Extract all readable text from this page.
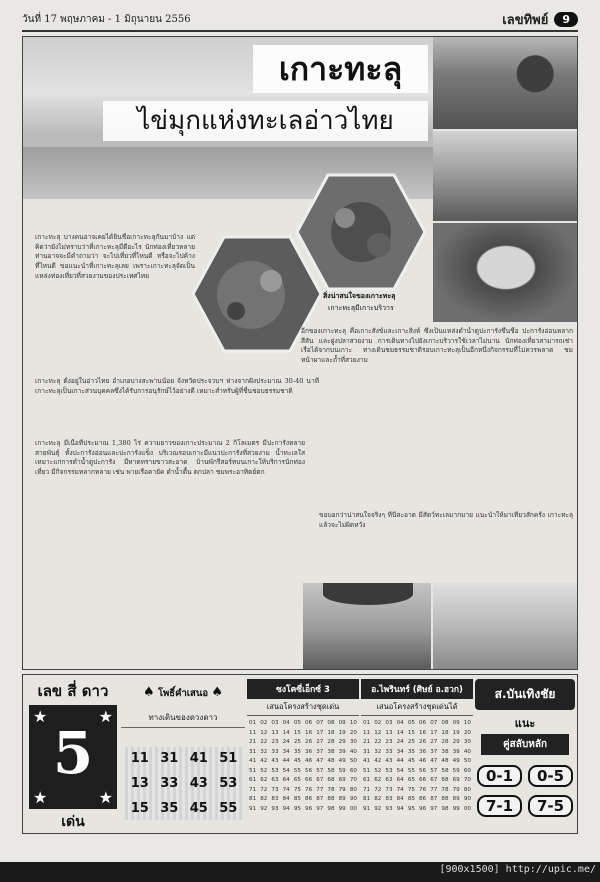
วันที่ 17 พฤษภาคม - 1 มิถุนายน 2556	เลขทิพย์	9
เกาะทะลุ
ไข่มุกแห่งทะเลอ่าวไทย
สิ่งน่าสนใจของเกาะทะลุ
เกาะทะลุมีเกาะบริวาร
เกาะทะลุ บางคนอาจเคยได้ยินชื่อเกาะทะลุกันมาบ้าง แต่คิดว่ายังไม่ทราบว่าที่เกาะทะลุมีดีอะไร นักท่องเที่ยวหลายท่านอาจจะมีคำถามว่า จะไปเที่ยวที่ไหนดี หรือจะไปค้างที่ไหนดี ขอแนะนำที่เกาะทะลุเลย เพราะเกาะทะลุจัดเป็นแหล่งท่องเที่ยวที่สวยงามของประเทศไทย
เกาะทะลุ ตั้งอยู่ในอ่าวไทย อำเภอบางสะพานน้อย จังหวัดประจวบฯ ห่างจากฝั่งประมาณ 30-40 นาที เกาะทะลุเป็นเกาะส่วนบุคคลซึ่งได้รับการอนุรักษ์ไว้อย่างดี เหมาะสำหรับผู้ที่ชื่นชอบธรรมชาติ
เกาะทะลุ มีเนื้อที่ประมาณ 1,380 ไร่ ความยาวของเกาะประมาณ 2 กิโลเมตร มีปะการังหลายสายพันธุ์ ทั้งปะการังอ่อนและปะการังแข็ง บริเวณรอบเกาะมีแนวปะการังที่สวยงาม น้ำทะเลใส เหมาะแก่การดำน้ำดูปะการัง มีหาดทรายขาวสะอาด บ้านพักรีสอร์ทบนเกาะให้บริการนักท่องเที่ยว มีกิจกรรมหลากหลาย เช่น พายเรือคายัค ดำน้ำตื้น ตกปลา ชมพระอาทิตย์ตก
อีกของเกาะทะลุ คือเกาะสังข์และเกาะสิงห์ ซึ่งเป็นแหล่งดำน้ำดูปะการังขึ้นชื่อ ปะการังอ่อนหลากสีสัน และฝูงปลาสวยงาม การเดินทางไปยังเกาะบริวารใช้เวลาไม่นาน นักท่องเที่ยวสามารถเช่าเรือได้จากบนเกาะ ทางเดินชมธรรมชาติรอบเกาะทะลุเป็นอีกหนึ่งกิจกรรมที่ไม่ควรพลาด ชมหน้าผาและถ้ำที่สวยงาม
ขอบอกว่าน่าสนใจจริงๆ ที่นี่สะอาด มีสัตว์ทะเลมากมาย แนะนำให้มาเที่ยวสักครั้ง เกาะทะลุ แล้วจะไม่ผิดหวัง
เลข สี่ ดาว
★	★
★	★
5
เด่น
♠ โพธิ์คำเสนอ ♠
ทางเดินของดวงดาว
11 31 41 51
13 33 43 53
15 35 45 55
ซงโคซี่เอ็กซ์ 3
เสนอโครงสร้างชุดเด่น
01 02 03 04 05 06 07 08 09 10
11 12 13 14 15 16 17 18 19 20
21 22 23 24 25 26 27 28 29 30
31 32 33 34 35 36 37 38 39 40
41 42 43 44 45 46 47 48 49 50
51 52 53 54 55 56 57 58 59 60
61 62 63 64 65 66 67 68 69 70
71 72 73 74 75 76 77 78 79 80
81 82 83 84 85 86 87 88 89 90
91 92 93 94 95 96 97 98 99 00
อ.ไพรินทร์ (ศิษย์ อ.ฮวก)
เสนอโครงสร้างชุดเด่นได้
01 02 03 04 05 06 07 08 09 10
11 12 13 14 15 16 17 18 19 20
21 22 23 24 25 26 27 28 29 30
31 32 33 34 35 36 37 38 39 40
41 42 43 44 45 46 47 48 49 50
51 52 53 54 55 56 57 58 59 60
61 62 63 64 65 66 67 68 69 70
71 72 73 74 75 76 77 78 79 80
81 82 83 84 85 86 87 88 89 90
91 92 93 94 95 96 97 98 99 00
ส.บันเทิงชัย
แนะ
คู่สลับหลัก
0-1	0-5
7-1	7-5
[900x1500] http://upic.me/
